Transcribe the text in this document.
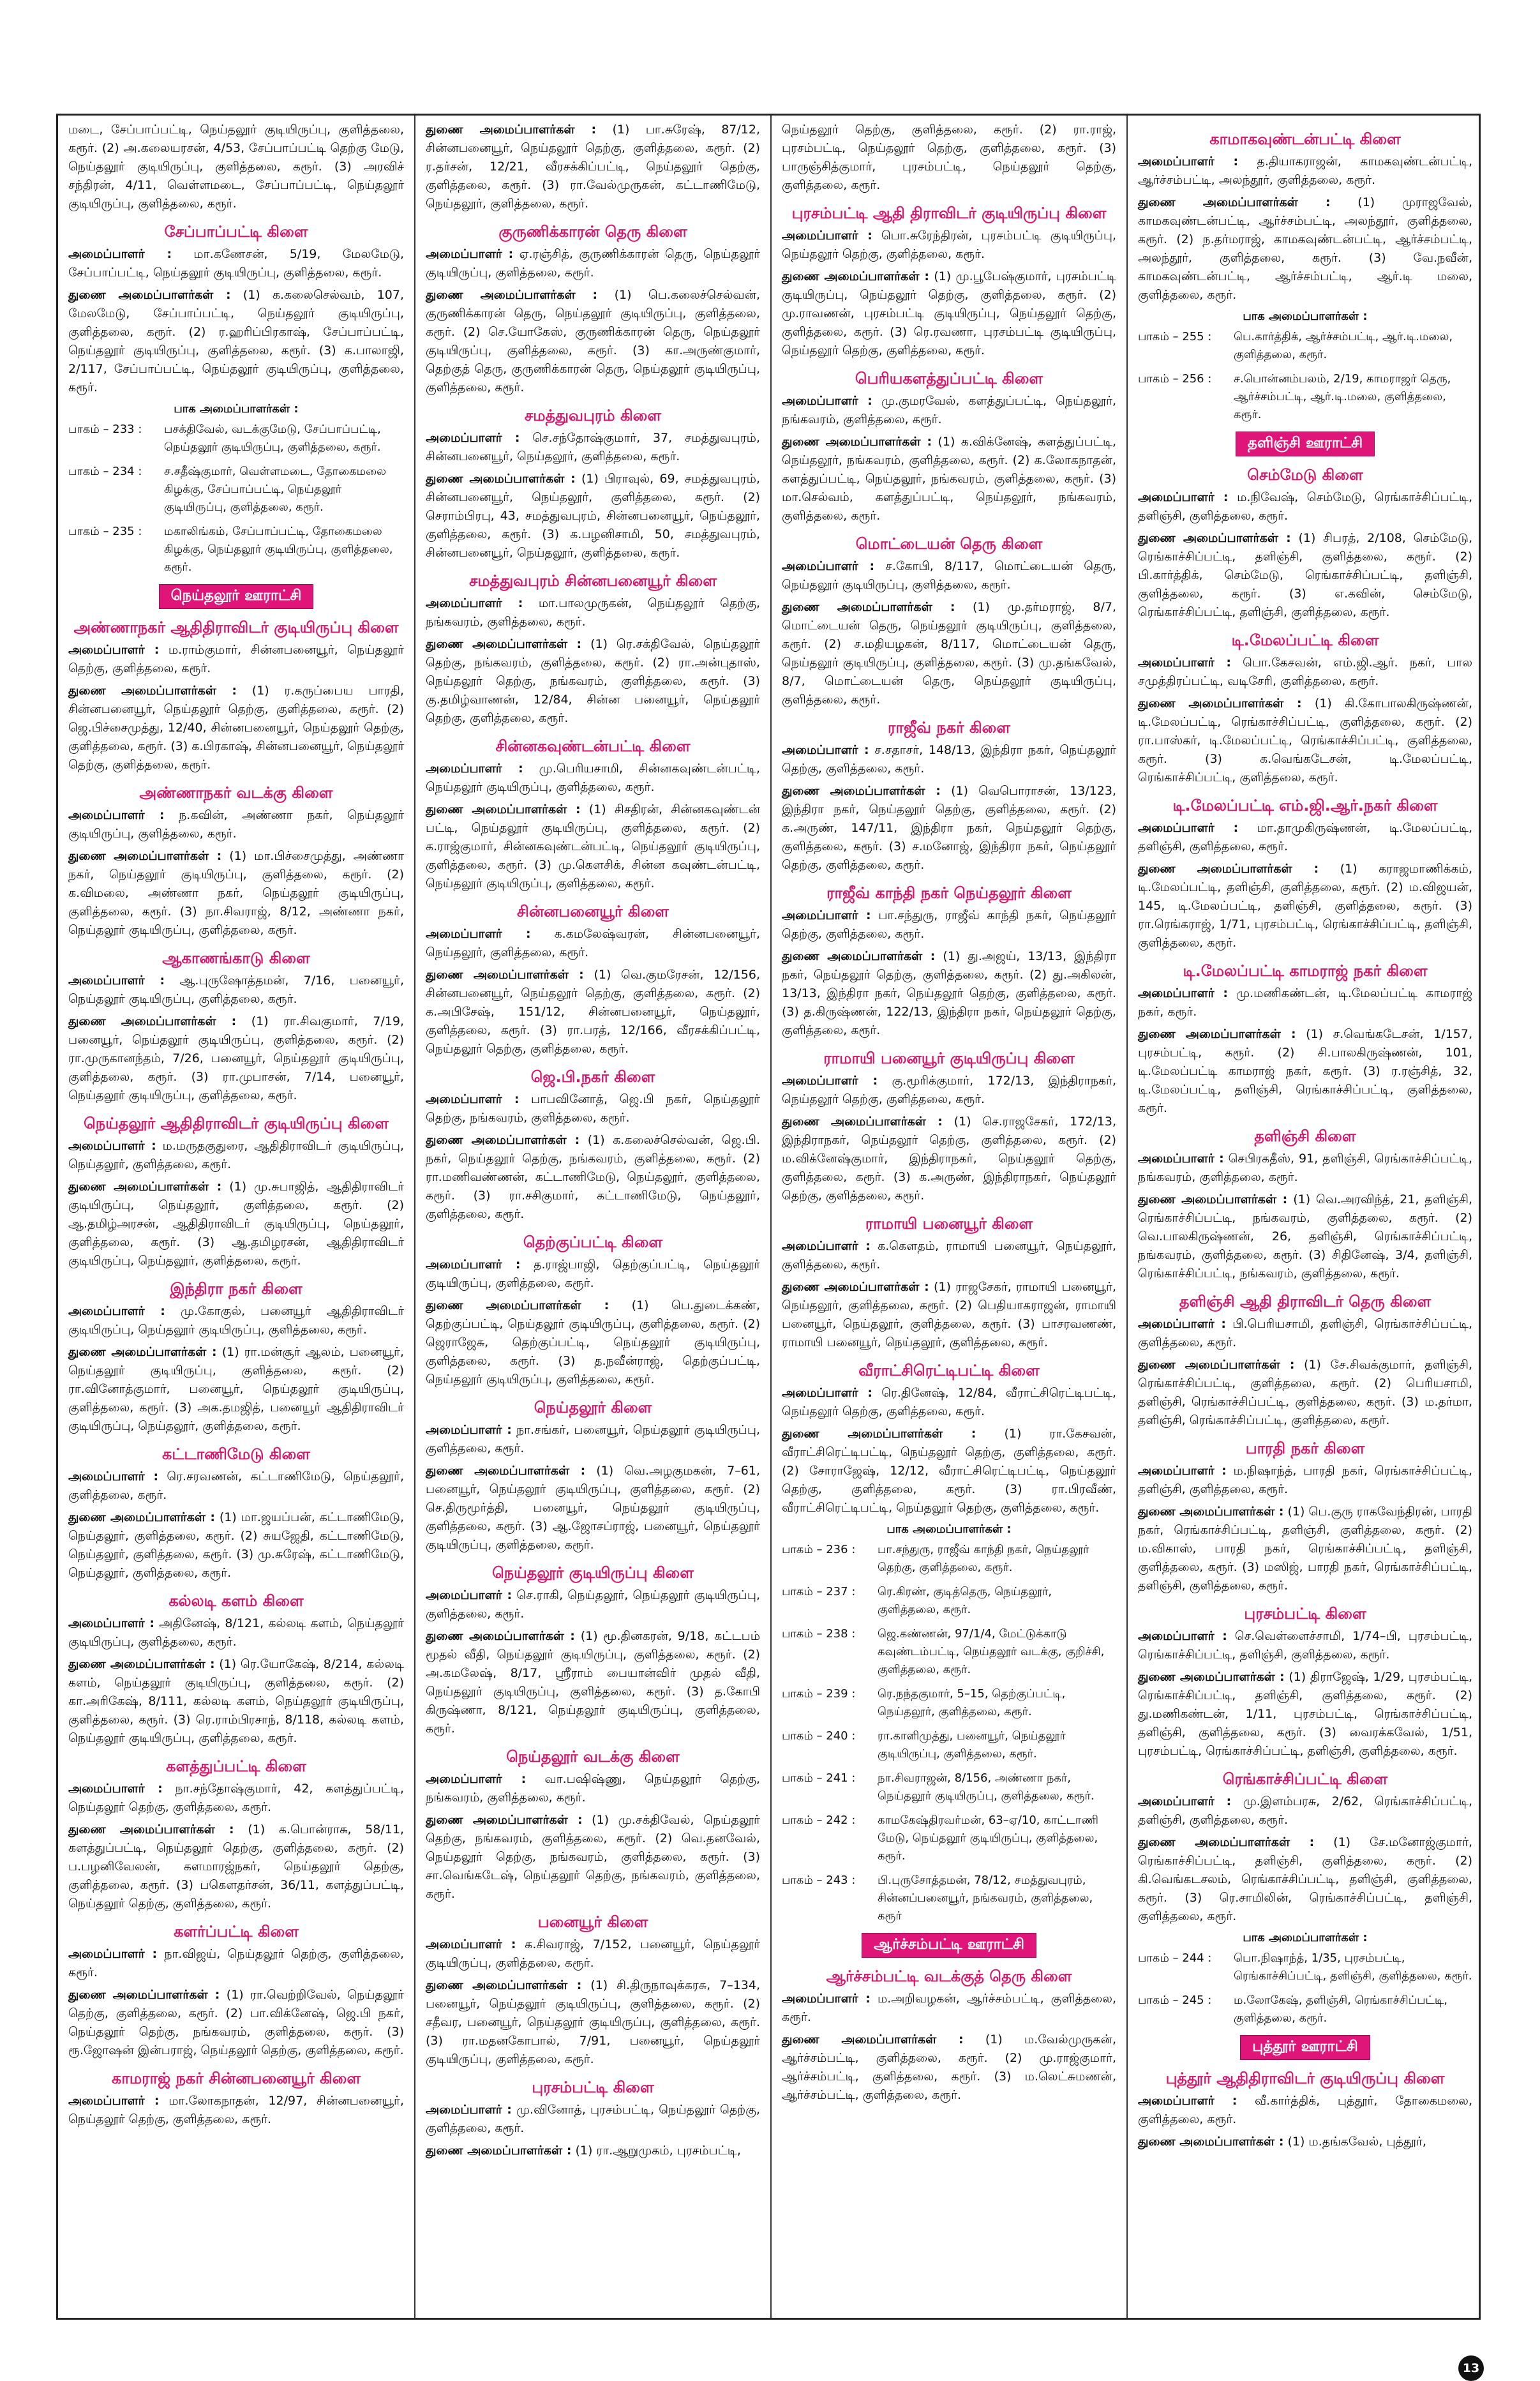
மடை, சேப்பாப்பட்டி, நெய்தலூர் குடியிருப்பு, குளித்தலை, கரூர். (2) அ.கலையரசன், 4/53, சேப்பாப்பட்டி தெற்கு மேடு, நெய்தலூர் குடியிருப்பு, குளித்தலை, கரூர். (3) அரவிச் சந்திரன், 4/11, வெள்ளமடை, சேப்பாப்பட்டி, நெய்தலூர் குடியிருப்பு, குளித்தலை, கரூர்.

சேப்பாப்பட்டி கிளை

அமைப்பாளர் : மா.கணேசன், 5/19, மேலமேடு, சேப்பாப்பட்டி, நெய்தலூர் குடியிருப்பு, குளித்தலை, கரூர்.

துணை அமைப்பாளர்கள் : (1) க.கலைசெல்வம், 107, மேலமேடு, சேப்பாப்பட்டி, நெய்தலூர் குடியிருப்பு, குளித்தலை, கரூர். (2) ர.ஹரிப்பிரகாஷ், சேப்பாப்பட்டி, நெய்தலூர் குடியிருப்பு, குளித்தலை, கரூர். (3) க.பாலாஜி, 2/117, சேப்பாப்பட்டி, நெய்தலூர் குடியிருப்பு, குளித்தலை, கரூர்.

பாக அமைப்பாளர்கள் :
பாகம் – 233 :	பசக்திவேல், வடக்குமேடு, சேப்பாப்பட்டி, நெய்தலூர் குடியிருப்பு, குளித்தலை, கரூர்.
பாகம் – 234 :	ச.சதீஷ்குமார், வெள்ளமடை, தோகைமலை கிழக்கு, சேப்பாப்பட்டி, நெய்தலூர் குடியிருப்பு, குளித்தலை, கரூர்.
பாகம் – 235 :	மகாலிங்கம், சேப்பாப்பட்டி, தோகைமலை கிழக்கு, நெய்தலூர் குடியிருப்பு, குளித்தலை, கரூர்.
நெய்தலூர் ஊராட்சி
அண்ணாநகர் ஆதிதிராவிடர் குடியிருப்பு கிளை

அமைப்பாளர் : ம.ராம்குமார், சின்னபனையூர், நெய்தலூர் தெற்கு, குளித்தலை, கரூர்.

துணை அமைப்பாளர்கள் : (1) ர.கருப்பைய பாரதி, சின்னபனையூர், நெய்தலூர் தெற்கு, குளித்தலை, கரூர். (2) ஜெ.பிச்சைமுத்து, 12/40, சின்னபனையூர், நெய்தலூர் தெற்கு, குளித்தலை, கரூர். (3) க.பிரகாஷ், சின்னபனையூர், நெய்தலூர் தெற்கு, குளித்தலை, கரூர்.

அண்ணாநகர் வடக்கு கிளை

அமைப்பாளர் : ந.கவின், அண்ணா நகர், நெய்தலூர் குடியிருப்பு, குளித்தலை, கரூர்.

துணை அமைப்பாளர்கள் : (1) மா.பிச்சைமுத்து, அண்ணா நகர், நெய்தலூர் குடியிருப்பு, குளித்தலை, கரூர். (2) க.விமலை, அண்ணா நகர், நெய்தலூர் குடியிருப்பு, குளித்தலை, கரூர். (3) நா.சிவராஜ், 8/12, அண்ணா நகர், நெய்தலூர் குடியிருப்பு, குளித்தலை, கரூர்.

ஆகாணங்காடு கிளை

அமைப்பாளர் : ஆ.புருஷோத்தமன், 7/16, பனையூர், நெய்தலூர் குடியிருப்பு, குளித்தலை, கரூர்.

துணை அமைப்பாளர்கள் : (1) ரா.சிவகுமார், 7/19, பனையூர், நெய்தலூர் குடியிருப்பு, குளித்தலை, கரூர். (2) ரா.முருகானந்தம், 7/26, பனையூர், நெய்தலூர் குடியிருப்பு, குளித்தலை, கரூர். (3) ரா.முபாசன், 7/14, பனையூர், நெய்தலூர் குடியிருப்பு, குளித்தலை, கரூர்.

நெய்தலூர் ஆதிதிராவிடர் குடியிருப்பு கிளை

அமைப்பாளர் : ம.மருதகுதுரை, ஆதிதிராவிடர் குடியிருப்பு, நெய்தலூர், குளித்தலை, கரூர்.

துணை அமைப்பாளர்கள் : (1) மு.சுபாஜித், ஆதிதிராவிடர் குடியிருப்பு, நெய்தலூர், குளித்தலை, கரூர். (2) ஆ.தமிழ்அரசன், ஆதிதிராவிடர் குடியிருப்பு, நெய்தலூர், குளித்தலை, கரூர். (3) ஆ.தமிழரசன், ஆதிதிராவிடர் குடியிருப்பு, நெய்தலூர், குளித்தலை, கரூர்.

இந்திரா நகர் கிளை

அமைப்பாளர் : மு.கோகுல், பனையூர் ஆதிதிராவிடர் குடியிருப்பு, நெய்தலூர் குடியிருப்பு, குளித்தலை, கரூர்.

துணை அமைப்பாளர்கள் : (1) ரா.மன்சூர் ஆலம், பனையூர், நெய்தலூர் குடியிருப்பு, குளித்தலை, கரூர். (2) ரா.வினோத்குமார், பனையூர், நெய்தலூர் குடியிருப்பு, குளித்தலை, கரூர். (3) அக.தமஜித், பனையூர் ஆதிதிராவிடர் குடியிருப்பு, நெய்தலூர், குளித்தலை, கரூர்.

கட்டாணிமேடு கிளை

அமைப்பாளர் : ரெ.சரவணன், கட்டாணிமேடு, நெய்தலூர், குளித்தலை, கரூர்.

துணை அமைப்பாளர்கள் : (1) மா.ஜயப்பன், கட்டாணிமேடு, நெய்தலூர், குளித்தலை, கரூர். (2) சுயஜேதி, கட்டாணிமேடு, நெய்தலூர், குளித்தலை, கரூர். (3) மு.சுரேஷ், கட்டாணிமேடு, நெய்தலூர், குளித்தலை, கரூர்.

கல்லடி களம் கிளை

அமைப்பாளர் : அதினேஷ், 8/121, கல்லடி களம், நெய்தலூர் குடியிருப்பு, குளித்தலை, கரூர்.

துணை அமைப்பாளர்கள் : (1) ரெ.யோகேஷ், 8/214, கல்லடி களம், நெய்தலூர் குடியிருப்பு, குளித்தலை, கரூர். (2) கா.அரிகேஷ், 8/111, கல்லடி களம், நெய்தலூர் குடியிருப்பு, குளித்தலை, கரூர். (3) ரெ.ராம்பிரசாந், 8/118, கல்லடி களம், நெய்தலூர் குடியிருப்பு, குளித்தலை, கரூர்.

களத்துப்பட்டி கிளை

அமைப்பாளர் : நா.சந்தோஷ்குமார், 42, களத்துப்பட்டி, நெய்தலூர் தெற்கு, குளித்தலை, கரூர்.

துணை அமைப்பாளர்கள் : (1) க.பொன்ராசு, 58/11, களத்துப்பட்டி, நெய்தலூர் தெற்கு, குளித்தலை, கரூர். (2) ப.பழனிவேலன், களமாரஜ்நகர், நெய்தலூர் தெற்கு, குளித்தலை, கரூர். (3) பகௌதர்சன், 36/11, களத்துப்பட்டி, நெய்தலூர் தெற்கு, குளித்தலை, கரூர்.

களர்ப்பட்டி கிளை

அமைப்பாளர் : நா.விஜய், நெய்தலூர் தெற்கு, குளித்தலை, கரூர்.

துணை அமைப்பாளர்கள் : (1) ரா.வெற்றிவேல், நெய்தலூர் தெற்கு, குளித்தலை, கரூர். (2) பா.விக்னேஷ், ஜெ.பி நகர், நெய்தலூர் தெற்கு, நங்கவரம், குளித்தலை, கரூர். (3) ரூ.ஜோஷன் இன்பராஜ், நெய்தலூர் தெற்கு, குளித்தலை, கரூர்.

காமராஜ் நகர் சின்னபனையூர் கிளை

அமைப்பாளர் : மா.லோகநாதன், 12/97, சின்னபனையூர், நெய்தலூர் தெற்கு, குளித்தலை, கரூர்.

துணை அமைப்பாளர்கள் : (1) பா.சுரேஷ், 87/12, சின்னபனையூர், நெய்தலூர் தெற்கு, குளித்தலை, கரூர். (2) ர.தர்சன், 12/21, வீரசக்கிப்பட்டி, நெய்தலூர் தெற்கு, குளித்தலை, கரூர். (3) ரா.வேல்முருகன், கட்டாணிமேடு, நெய்தலூர், குளித்தலை, கரூர்.

குருணிக்காரன் தெரு கிளை

அமைப்பாளர் : ஏ.ரஞ்சித், குருணிக்காரன் தெரு, நெய்தலூர் குடியிருப்பு, குளித்தலை, கரூர்.

துணை அமைப்பாளர்கள் : (1) பெ.கலைச்செல்வன், குருணிக்காரன் தெரு, நெய்தலூர் குடியிருப்பு, குளித்தலை, கரூர். (2) செ.யோகேஸ், குருணிக்காரன் தெரு, நெய்தலூர் குடியிருப்பு, குளித்தலை, கரூர். (3) கா.அருண்குமார், தெற்குத் தெரு, குருணிக்காரன் தெரு, நெய்தலூர் குடியிருப்பு, குளித்தலை, கரூர்.

சமத்துவபுரம் கிளை

அமைப்பாளர் : செ.சந்தோஷ்குமார், 37, சமத்துவபுரம், சின்னபனையூர், நெய்தலூர், குளித்தலை, கரூர்.

துணை அமைப்பாளர்கள் : (1) பிராவுல், 69, சமத்துவபுரம், சின்னபனையூர், நெய்தலூர், குளித்தலை, கரூர். (2) செராம்பிரபு, 43, சமத்துவபுரம், சின்னபனையூர், நெய்தலூர், குளித்தலை, கரூர். (3) க.பழனிசாமி, 50, சமத்துவபுரம், சின்னபனையூர், நெய்தலூர், குளித்தலை, கரூர்.

சமத்துவபுரம் சின்னபனையூர் கிளை

அமைப்பாளர் : மா.பாலமுருகன், நெய்தலூர் தெற்கு, நங்கவரம், குளித்தலை, கரூர்.

துணை அமைப்பாளர்கள் : (1) ரெ.சக்திவேல், நெய்தலூர் தெற்கு, நங்கவரம், குளித்தலை, கரூர். (2) ரா.அன்புதாஸ், நெய்தலூர் தெற்கு, நங்கவரம், குளித்தலை, கரூர். (3) கு.தமிழ்வாணன், 12/84, சின்ன பனையூர், நெய்தலூர் தெற்கு, குளித்தலை, கரூர்.

சின்னகவுண்டன்பட்டி கிளை

அமைப்பாளர் : மு.பெரியசாமி, சின்னகவுண்டன்பட்டி, நெய்தலூர் குடியிருப்பு, குளித்தலை, கரூர்.

துணை அமைப்பாளர்கள் : (1) சிசதிரன், சின்னகவுண்டன் பட்டி, நெய்தலூர் குடியிருப்பு, குளித்தலை, கரூர். (2) க.ராஜ்குமார், சின்னகவுண்டன்பட்டி, நெய்தலூர் குடியிருப்பு, குளித்தலை, கரூர். (3) மு.கௌசிக், சின்ன கவுண்டன்பட்டி, நெய்தலூர் குடியிருப்பு, குளித்தலை, கரூர்.

சின்னபனையூர் கிளை

அமைப்பாளர் : க.கமலேஷ்வரன், சின்னபனையூர், நெய்தலூர், குளித்தலை, கரூர்.

துணை அமைப்பாளர்கள் : (1) வெ.குமரேசன், 12/156, சின்னபனையூர், நெய்தலூர் தெற்கு, குளித்தலை, கரூர். (2) க.அபிசேஷ், 151/12, சின்னபனையூர், நெய்தலூர், குளித்தலை, கரூர். (3) ரா.பரத், 12/166, வீரசக்கிப்பட்டி, நெய்தலூர் தெற்கு, குளித்தலை, கரூர்.

ஜெ.பி.நகர் கிளை

அமைப்பாளர் : பாபவினோத், ஜெ.பி நகர், நெய்தலூர் தெற்கு, நங்கவரம், குளித்தலை, கரூர்.

துணை அமைப்பாளர்கள் : (1) க.கலைச்செல்வன், ஜெ.பி. நகர், நெய்தலூர் தெற்கு, நங்கவரம், குளித்தலை, கரூர். (2) ரா.மணிவண்ணன், கட்டாணிமேடு, நெய்தலூர், குளித்தலை, கரூர். (3) ரா.சசிகுமார், கட்டாணிமேடு, நெய்தலூர், குளித்தலை, கரூர்.

தெற்குப்பட்டி கிளை

அமைப்பாளர் : த.ராஜ்பாஜி, தெற்குப்பட்டி, நெய்தலூர் குடியிருப்பு, குளித்தலை, கரூர்.

துணை அமைப்பாளர்கள் : (1) பெ.துடைக்கண், தெற்குப்பட்டி, நெய்தலூர் குடியிருப்பு, குளித்தலை, கரூர். (2) ஜெராஜேசு, தெற்குப்பட்டி, நெய்தலூர் குடியிருப்பு, குளித்தலை, கரூர். (3) த.நவீன்ராஜ், தெற்குப்பட்டி, நெய்தலூர் குடியிருப்பு, குளித்தலை, கரூர்.

நெய்தலூர் கிளை

அமைப்பாளர் : நா.சங்கர், பனையூர், நெய்தலூர் குடியிருப்பு, குளித்தலை, கரூர்.

துணை அமைப்பாளர்கள் : (1) வெ.அழகுமகன், 7–61, பனையூர், நெய்தலூர் குடியிருப்பு, குளித்தலை, கரூர். (2) செ.திருமூர்த்தி, பனையூர், நெய்தலூர் குடியிருப்பு, குளித்தலை, கரூர். (3) ஆ.ஜோசப்ராஜ், பனையூர், நெய்தலூர் குடியிருப்பு, குளித்தலை, கரூர்.

நெய்தலூர் குடியிருப்பு கிளை

அமைப்பாளர் : செ.ராகி, நெய்தலூர், நெய்தலூர் குடியிருப்பு, குளித்தலை, கரூர்.

துணை அமைப்பாளர்கள் : (1) மூ.தினகரன், 9/18, கட்டபம் மூதல் வீதி, நெய்தலூர் குடியிருப்பு, குளித்தலை, கரூர். (2) அ.கமலேஷ், 8/17, ஸ்ரீராம் பையான்விர் முதல் வீதி, நெய்தலூர் குடியிருப்பு, குளித்தலை, கரூர். (3) த.கோபி கிருஷ்ணா, 8/121, நெய்தலூர் குடியிருப்பு, குளித்தலை, கரூர்.

நெய்தலூர் வடக்கு கிளை

அமைப்பாளர் : வா.பஷிஷ்ணு, நெய்தலூர் தெற்கு, நங்கவரம், குளித்தலை, கரூர்.

துணை அமைப்பாளர்கள் : (1) மு.சக்திவேல், நெய்தலூர் தெற்கு, நங்கவரம், குளித்தலை, கரூர். (2) வெ.தனவேல், நெய்தலூர் தெற்கு, நங்கவரம், குளித்தலை, கரூர். (3) சா.வெங்கடேஷ், நெய்தலூர் தெற்கு, நங்கவரம், குளித்தலை, கரூர்.

பனையூர் கிளை

அமைப்பாளர் : க.சிவராஜ், 7/152, பனையூர், நெய்தலூர் குடியிருப்பு, குளித்தலை, கரூர்.

துணை அமைப்பாளர்கள் : (1) சி.திருநாவுக்கரசு, 7–134, பனையூர், நெய்தலூர் குடியிருப்பு, குளித்தலை, கரூர். (2) சதீவர, பனையூர், நெய்தலூர் குடியிருப்பு, குளித்தலை, கரூர். (3) ரா.மதனகோபால், 7/91, பனையூர், நெய்தலூர் குடியிருப்பு, குளித்தலை, கரூர்.

புரசம்பட்டி கிளை

அமைப்பாளர் : மு.வினோத், புரசம்பட்டி, நெய்தலூர் தெற்கு, குளித்தலை, கரூர்.

துணை அமைப்பாளர்கள் : (1) ரா.ஆறுமுகம், புரசம்பட்டி,

நெய்தலூர் தெற்கு, குளித்தலை, கரூர். (2) ரா.ராஜ், புரசம்பட்டி, நெய்தலூர் தெற்கு, குளித்தலை, கரூர். (3) பாருஞ்சித்குமார், புரசம்பட்டி, நெய்தலூர் தெற்கு, குளித்தலை, கரூர்.

புரசம்பட்டி ஆதி திராவிடர் குடியிருப்பு கிளை

அமைப்பாளர் : பொ.சுரேந்திரன், புரசம்பட்டி குடியிருப்பு, நெய்தலூர் தெற்கு, குளித்தலை, கரூர்.

துணை அமைப்பாளர்கள் : (1) மு.பூபேஷ்குமார், புரசம்பட்டி குடியிருப்பு, நெய்தலூர் தெற்கு, குளித்தலை, கரூர். (2) மு.ராவணன், புரசம்பட்டி குடியிருப்பு, நெய்தலூர் தெற்கு, குளித்தலை, கரூர். (3) ரெ.ரவணா, புரசம்பட்டி குடியிருப்பு, நெய்தலூர் தெற்கு, குளித்தலை, கரூர்.

பெரியகளத்துப்பட்டி கிளை

அமைப்பாளர் : மு.குமரவேல், களத்துப்பட்டி, நெய்தலூர், நங்கவரம், குளித்தலை, கரூர்.

துணை அமைப்பாளர்கள் : (1) க.விக்னேஷ், களத்துப்பட்டி, நெய்தலூர், நங்கவரம், குளித்தலை, கரூர். (2) க.லோகநாதன், களத்துப்பட்டி, நெய்தலூர், நங்கவரம், குளித்தலை, கரூர். (3) மா.செல்வம், களத்துப்பட்டி, நெய்தலூர், நங்கவரம், குளித்தலை, கரூர்.

மொட்டையன் தெரு கிளை

அமைப்பாளர் : ச.கோபி, 8/117, மொட்டையன் தெரு, நெய்தலூர் குடியிருப்பு, குளித்தலை, கரூர்.

துணை அமைப்பாளர்கள் : (1) மு.தர்மராஜ், 8/7, மொட்டையன் தெரு, நெய்தலூர் குடியிருப்பு, குளித்தலை, கரூர். (2) ச.மதியழகன், 8/117, மொட்டையன் தெரு, நெய்தலூர் குடியிருப்பு, குளித்தலை, கரூர். (3) மு.தங்கவேல், 8/7, மொட்டையன் தெரு, நெய்தலூர் குடியிருப்பு, குளித்தலை, கரூர்.

ராஜீவ் நகர் கிளை

அமைப்பாளர் : ச.சதாசர், 148/13, இந்திரா நகர், நெய்தலூர் தெற்கு, குளித்தலை, கரூர்.

துணை அமைப்பாளர்கள் : (1) வெபொராசன், 13/123, இந்திரா நகர், நெய்தலூர் தெற்கு, குளித்தலை, கரூர். (2) க.அருண், 147/11, இந்திரா நகர், நெய்தலூர் தெற்கு, குளித்தலை, கரூர். (3) ச.மனோஜ், இந்திரா நகர், நெய்தலூர் தெற்கு, குளித்தலை, கரூர்.

ராஜீவ் காந்தி நகர் நெய்தலூர் கிளை

அமைப்பாளர் : பா.சந்துரு, ராஜீவ் காந்தி நகர், நெய்தலூர் தெற்கு, குளித்தலை, கரூர்.

துணை அமைப்பாளர்கள் : (1) து.அஜய், 13/13, இந்திரா நகர், நெய்தலூர் தெற்கு, குளித்தலை, கரூர். (2) து.அகிலன், 13/13, இந்திரா நகர், நெய்தலூர் தெற்கு, குளித்தலை, கரூர். (3) த.கிருஷ்ணன், 122/13, இந்திரா நகர், நெய்தலூர் தெற்கு, குளித்தலை, கரூர்.

ராமாயி பனையூர் குடியிருப்பு கிளை

அமைப்பாளர் : கு.மூரிக்குமார், 172/13, இந்திராநகர், நெய்தலூர் தெற்கு, குளித்தலை, கரூர்.

துணை அமைப்பாளர்கள் : (1) செ.ராஜசேகர், 172/13, இந்திராநகர், நெய்தலூர் தெற்கு, குளித்தலை, கரூர். (2) ம.விக்னேஷ்குமார், இந்திராநகர், நெய்தலூர் தெற்கு, குளித்தலை, கரூர். (3) க.அருண், இந்திராநகர், நெய்தலூர் தெற்கு, குளித்தலை, கரூர்.

ராமாயி பனையூர் கிளை

அமைப்பாளர் : க.கௌதம், ராமாயி பனையூர், நெய்தலூர், குளித்தலை, கரூர்.

துணை அமைப்பாளர்கள் : (1) ராஜசேகர், ராமாயி பனையூர், நெய்தலூர், குளித்தலை, கரூர். (2) பெதியாகராஜன், ராமாயி பனையூர், நெய்தலூர், குளித்தலை, கரூர். (3) பாசரவணண், ராமாயி பனையூர், நெய்தலூர், குளித்தலை, கரூர்.

வீராட்சிரெட்டிபட்டி கிளை

அமைப்பாளர் : ரெ.தினேஷ், 12/84, வீராட்சிரெட்டிபட்டி, நெய்தலூர் தெற்கு, குளித்தலை, கரூர்.

துணை அமைப்பாளர்கள் : (1) ரா.கேசவன், வீராட்சிரெட்டிபட்டி, நெய்தலூர் தெற்கு, குளித்தலை, கரூர். (2) சோராஜேஷ், 12/12, வீராட்சிரெட்டிபட்டி, நெய்தலூர் தெற்கு, குளித்தலை, கரூர். (3) ரா.பிரவீண், வீராட்சிரெட்டிபட்டி, நெய்தலூர் தெற்கு, குளித்தலை, கரூர்.

பாக அமைப்பாளர்கள் :
பாகம் – 236 :	பா.சந்துரு, ராஜீவ் காந்தி நகர், நெய்தலூர் தெற்கு, குளித்தலை, கரூர்.
பாகம் – 237 :	ரெ.கிரண், குடித்தெரு, நெய்தலூர், குளித்தலை, கரூர்.
பாகம் – 238 :	ஜெ.கண்ணன், 97/1/4, மேட்டுக்காடு கவுண்டம்பட்டி, நெய்தலூர் வடக்கு, குறிச்சி, குளித்தலை, கரூர்.
பாகம் – 239 :	ரெ.நந்தகுமார், 5–15, தெற்குப்பட்டி, நெய்தலூர், குளித்தலை, கரூர்.
பாகம் – 240 :	ரா.காளிமுத்து, பனையூர், நெய்தலூர் குடியிருப்பு, குளித்தலை, கரூர்.
பாகம் – 241 :	நா.சிவராஜன், 8/156, அண்ணா நகர், நெய்தலூர் குடியிருப்பு, குளித்தலை, கரூர்.
பாகம் – 242 :	காமகேஷ்திரவர்மன், 63–ஏ/10, காட்டாணி மேடு, நெய்தலூர் குடியிருப்பு, குளித்தலை, கரூர்.
பாகம் – 243 :	பி.புருசோத்தமன், 78/12, சமத்துவபுரம், சின்னப்பனையூர், நங்கவரம், குளித்தலை, கரூர்
ஆர்ச்சம்பட்டி ஊராட்சி
ஆர்ச்சம்பட்டி வடக்குத் தெரு கிளை

அமைப்பாளர் : ம.அறிவழகன், ஆர்ச்சம்பட்டி, குளித்தலை, கரூர்.

துணை அமைப்பாளர்கள் : (1) ம.வேல்முருகன், ஆர்ச்சம்பட்டி, குளித்தலை, கரூர். (2) மு.ராஜ்குமார், ஆர்ச்சம்பட்டி, குளித்தலை, கரூர். (3) ம.லெட்சுமணன், ஆர்ச்சம்பட்டி, குளித்தலை, கரூர்.

காமாகவுண்டன்பட்டி கிளை

அமைப்பாளர் : த.தியாகராஜன், காமகவுண்டன்பட்டி, ஆர்ச்சம்பட்டி, அலந்தூர், குளித்தலை, கரூர்.

துணை அமைப்பாளர்கள் : (1) முராஜவேல், காமகவுண்டன்பட்டி, ஆர்ச்சம்பட்டி, அலந்தூர், குளித்தலை, கரூர். (2) ந.தர்மராஜ், காமகவுண்டன்பட்டி, ஆர்ச்சம்பட்டி, அலந்தூர், குளித்தலை, கரூர். (3) வே.நவீன், காமகவுண்டன்பட்டி, ஆர்ச்சம்பட்டி, ஆர்.டி மலை, குளித்தலை, கரூர்.

பாக அமைப்பாளர்கள் :
பாகம் – 255 :	பெ.கார்த்திக், ஆர்ச்சம்பட்டி, ஆர்.டி.மலை, குளித்தலை, கரூர்.
பாகம் – 256 :	ச.பொன்னம்பலம், 2/19, காமராஜர் தெரு, ஆர்ச்சம்பட்டி, ஆர்.டி.மலை, குளித்தலை, கரூர்.
தளிஞ்சி ஊராட்சி
செம்மேடு கிளை

அமைப்பாளர் : ம.நிவேஷ், செம்மேடு, ரெங்காச்சிப்பட்டி, தளிஞ்சி, குளித்தலை, கரூர்.

துணை அமைப்பாளர்கள் : (1) சிபரத், 2/108, செம்மேடு, ரெங்காச்சிப்பட்டி, தளிஞ்சி, குளித்தலை, கரூர். (2) பி.கார்த்திக், செம்மேடு, ரெங்காச்சிப்பட்டி, தளிஞ்சி, குளித்தலை, கரூர். (3) எ.கவின், செம்மேடு, ரெங்காச்சிப்பட்டி, தளிஞ்சி, குளித்தலை, கரூர்.

டி.மேலப்பட்டி கிளை

அமைப்பாளர் : பொ.கேசவன், எம்.ஜி.ஆர். நகர், பால சமுத்திரப்பட்டி, வடிசேரி, குளித்தலை, கரூர்.

துணை அமைப்பாளர்கள் : (1) கி.கோபாலகிருஷ்ணன், டி.மேலப்பட்டி, ரெங்காச்சிப்பட்டி, குளித்தலை, கரூர். (2) ரா.பாஸ்கர், டி.மேலப்பட்டி, ரெங்காச்சிப்பட்டி, குளித்தலை, கரூர். (3) க.வெங்கடேசன், டி.மேலப்பட்டி, ரெங்காச்சிப்பட்டி, குளித்தலை, கரூர்.

டி.மேலப்பட்டி எம்.ஜி.ஆர்.நகர் கிளை

அமைப்பாளர் : மா.தாமுகிருஷ்ணன், டி.மேலப்பட்டி, தளிஞ்சி, குளித்தலை, கரூர்.

துணை அமைப்பாளர்கள் : (1) கராஜமாணிக்கம், டி.மேலப்பட்டி, தளிஞ்சி, குளித்தலை, கரூர். (2) ம.விஜயன், 145, டி.மேலப்பட்டி, தளிஞ்சி, குளித்தலை, கரூர். (3) ரா.ரெங்கராஜ், 1/71, புரசம்பட்டி, ரெங்காச்சிப்பட்டி, தளிஞ்சி, குளித்தலை, கரூர்.

டி.மேலப்பட்டி காமராஜ் நகர் கிளை

அமைப்பாளர் : மு.மணிகண்டன், டி.மேலப்பட்டி காமராஜ் நகர், கரூர்.

துணை அமைப்பாளர்கள் : (1) ச.வெங்கடேசன், 1/157, புரசம்பட்டி, கரூர். (2) சி.பாலகிருஷ்ணன், 101, டி.மேலப்பட்டி காமராஜ் நகர், கரூர். (3) ர.ரஞ்சித், 32, டி.மேலப்பட்டி, தளிஞ்சி, ரெங்காச்சிப்பட்டி, குளித்தலை, கரூர்.

தளிஞ்சி கிளை

அமைப்பாளர் : செபிரகதீஸ், 91, தளிஞ்சி, ரெங்காச்சிப்பட்டி, நங்கவரம், குளித்தலை, கரூர்.

துணை அமைப்பாளர்கள் : (1) வெ.அரவிந்த், 21, தளிஞ்சி, ரெங்காச்சிப்பட்டி, நங்கவரம், குளித்தலை, கரூர். (2) வெ.பாலகிருஷ்ணன், 26, தளிஞ்சி, ரெங்காச்சிப்பட்டி, நங்கவரம், குளித்தலை, கரூர். (3) சிதினேஷ், 3/4, தளிஞ்சி, ரெங்காச்சிப்பட்டி, நங்கவரம், குளித்தலை, கரூர்.

தளிஞ்சி ஆதி திராவிடர் தெரு கிளை

அமைப்பாளர் : பி.பெரியசாமி, தளிஞ்சி, ரெங்காச்சிப்பட்டி, குளித்தலை, கரூர்.

துணை அமைப்பாளர்கள் : (1) சே.சிவக்குமார், தளிஞ்சி, ரெங்காச்சிப்பட்டி, குளித்தலை, கரூர். (2) பெரியசாமி, தளிஞ்சி, ரெங்காச்சிப்பட்டி, குளித்தலை, கரூர். (3) ம.தர்மா, தளிஞ்சி, ரெங்காச்சிப்பட்டி, குளித்தலை, கரூர்.

பாரதி நகர் கிளை

அமைப்பாளர் : ம.நிஷாந்த், பாரதி நகர், ரெங்காச்சிப்பட்டி, தளிஞ்சி, குளித்தலை, கரூர்.

துணை அமைப்பாளர்கள் : (1) பெ.குரு ராகவேந்திரன், பாரதி நகர், ரெங்காச்சிப்பட்டி, தளிஞ்சி, குளித்தலை, கரூர். (2) ம.விகாஸ், பாரதி நகர், ரெங்காச்சிப்பட்டி, தளிஞ்சி, குளித்தலை, கரூர். (3) மஸிஜ், பாரதி நகர், ரெங்காச்சிப்பட்டி, தளிஞ்சி, குளித்தலை, கரூர்.

புரசம்பட்டி கிளை

அமைப்பாளர் : செ.வெள்ளைச்சாமி, 1/74–பி, புரசம்பட்டி, ரெங்காச்சிப்பட்டி, தளிஞ்சி, குளித்தலை, கரூர்.

துணை அமைப்பாளர்கள் : (1) திராஜேஷ், 1/29, புரசம்பட்டி, ரெங்காச்சிப்பட்டி, தளிஞ்சி, குளித்தலை, கரூர். (2) து.மணிகண்டன், 1/11, புரசம்பட்டி, ரெங்காச்சிப்பட்டி, தளிஞ்சி, குளித்தலை, கரூர். (3) வைரக்கவேல், 1/51, புரசம்பட்டி, ரெங்காச்சிப்பட்டி, தளிஞ்சி, குளித்தலை, கரூர்.

ரெங்காச்சிப்பட்டி கிளை

அமைப்பாளர் : மு.இளம்பரசு, 2/62, ரெங்காச்சிப்பட்டி, தளிஞ்சி, குளித்தலை, கரூர்.

துணை அமைப்பாளர்கள் : (1) சே.மனோஜ்குமார், ரெங்காச்சிப்பட்டி, தளிஞ்சி, குளித்தலை, கரூர். (2) கி.வெங்கடசலம், ரெங்காச்சிப்பட்டி, தளிஞ்சி, குளித்தலை, கரூர். (3) ரெ.சாமிலின், ரெங்காச்சிப்பட்டி, தளிஞ்சி, குளித்தலை, கரூர்.

பாக அமைப்பாளர்கள் :
பாகம் – 244 :	பொ.நிஷாந்த், 1/35, புரசம்பட்டி, ரெங்காச்சிப்பட்டி, தளிஞ்சி, குளித்தலை, கரூர்.
பாகம் – 245 :	ம.லோகேஷ், தளிஞ்சி, ரெங்காச்சிப்பட்டி, குளித்தலை, கரூர்.
புத்தூர் ஊராட்சி
புத்தூர் ஆதிதிராவிடர் குடியிருப்பு கிளை

அமைப்பாளர் : வீ.கார்த்திக், புத்தூர், தோகைமலை, குளித்தலை, கரூர்.

துணை அமைப்பாளர்கள் : (1) ம.தங்கவேல், புத்தூர்,

13
